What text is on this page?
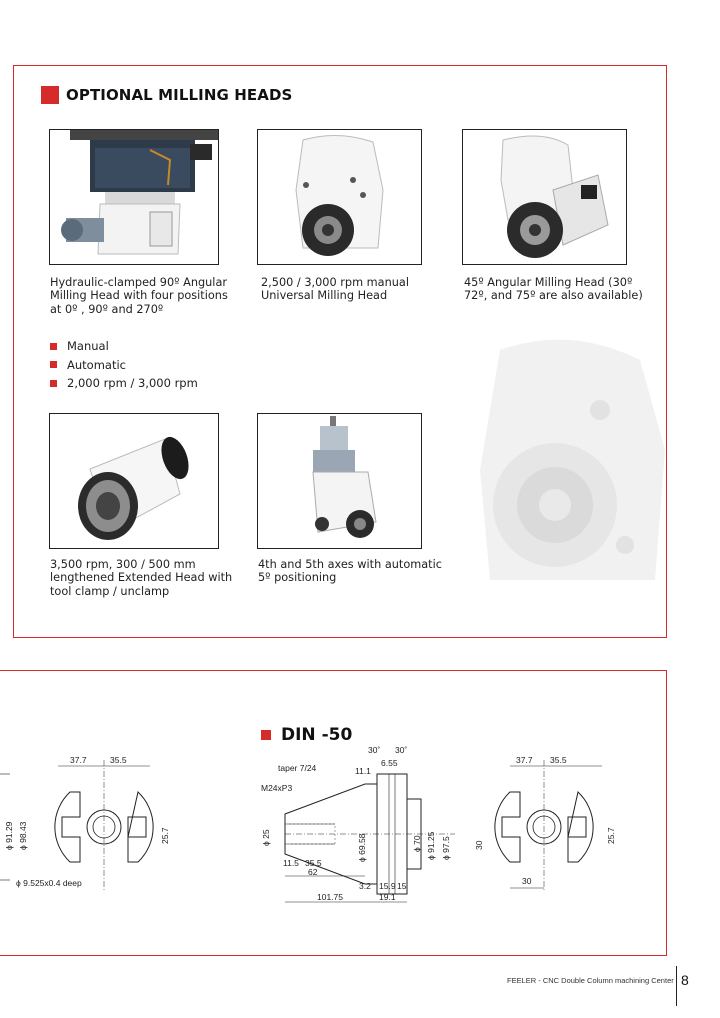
OPTIONAL MILLING HEADS
Hydraulic-clamped 90º Angular
Milling Head with four positions
at 0º , 90º and 270º
2,500 / 3,000 rpm manual
Universal Milling Head
45º Angular Milling Head (30º
72º, and 75º are also available)
Manual
Automatic
2,000 rpm / 3,000 rpm
3,500 rpm, 300 / 500 mm
lengthened Extended Head with
tool clamp / unclamp
4th and 5th axes with automatic
5º positioning
DIN -50
37.7	35.5
ϕ 91.29 ϕ 98.43	25.7
ϕ 9.525x0.4 deep
30˚ 30˚
taper 7/24	6.55
11.1
M24xP3
ϕ 25	ϕ 69.58	ϕ 70 ϕ 91.25 ϕ 97.5
11.5 35.5
62
3.2 15.9 15
19.1
101.75
37.7 35.5
25.7
30
30
FEELER - CNC Double Column machining Center 8
